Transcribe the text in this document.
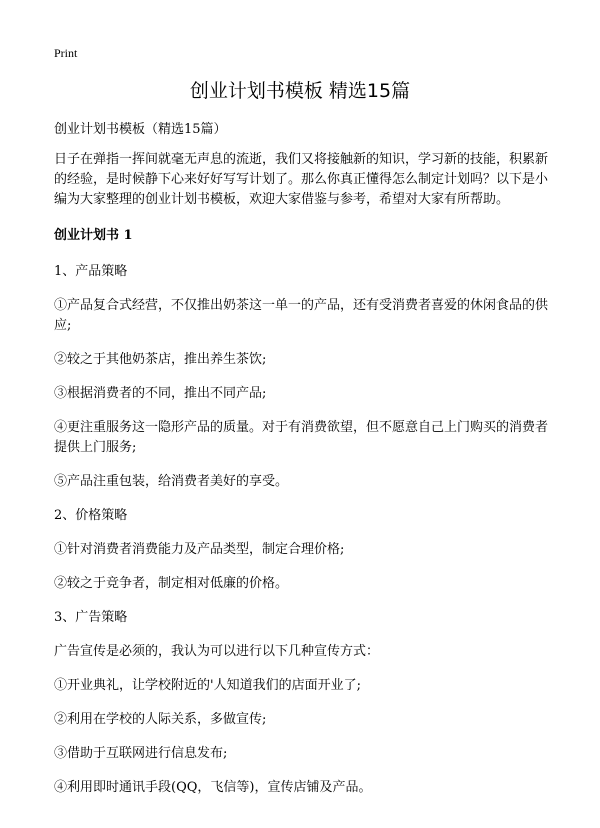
Print
创业计划书模板 精选15篇

创业计划书模板（精选15篇）

日子在弹指一挥间就毫无声息的流逝，我们又将接触新的知识，学习新的技能，积累新的经验，是时候静下心来好好写写计划了。那么你真正懂得怎么制定计划吗？以下是小编为大家整理的创业计划书模板，欢迎大家借鉴与参考，希望对大家有所帮助。

创业计划书 1

1、产品策略

①产品复合式经营，不仅推出奶茶这一单一的产品，还有受消费者喜爱的休闲食品的供应;

②较之于其他奶茶店，推出养生茶饮;

③根据消费者的不同，推出不同产品;

④更注重服务这一隐形产品的质量。对于有消费欲望，但不愿意自己上门购买的消费者提供上门服务;

⑤产品注重包装，给消费者美好的享受。

2、价格策略

①针对消费者消费能力及产品类型，制定合理价格;

②较之于竞争者，制定相对低廉的价格。

3、广告策略

广告宣传是必须的，我认为可以进行以下几种宣传方式：

①开业典礼，让学校附近的'人知道我们的店面开业了;

②利用在学校的人际关系，多做宣传;

③借助于互联网进行信息发布;

④利用即时通讯手段(QQ，飞信等)，宣传店铺及产品。
